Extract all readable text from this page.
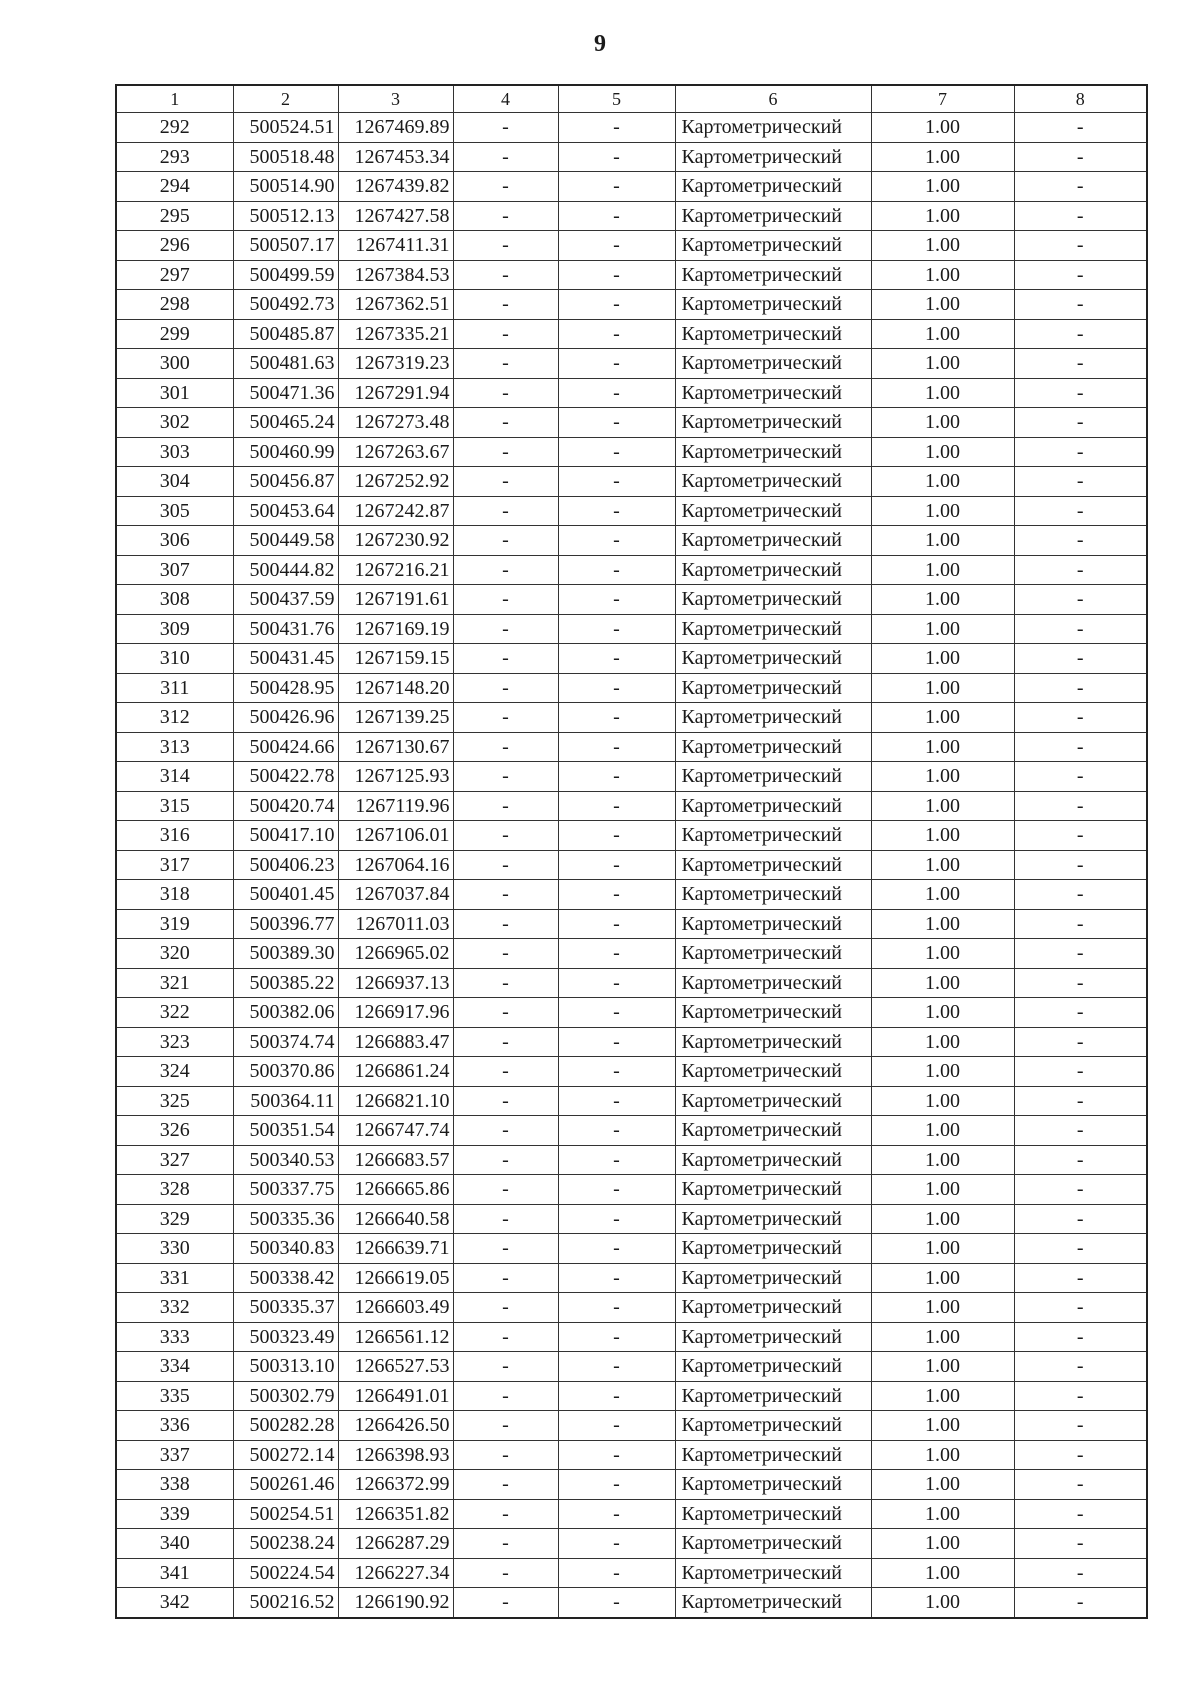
9
1	2	3	4	5	6	7	8
292	500524.51	1267469.89	-	-	Картометрический	1.00	-
293	500518.48	1267453.34	-	-	Картометрический	1.00	-
294	500514.90	1267439.82	-	-	Картометрический	1.00	-
295	500512.13	1267427.58	-	-	Картометрический	1.00	-
296	500507.17	1267411.31	-	-	Картометрический	1.00	-
297	500499.59	1267384.53	-	-	Картометрический	1.00	-
298	500492.73	1267362.51	-	-	Картометрический	1.00	-
299	500485.87	1267335.21	-	-	Картометрический	1.00	-
300	500481.63	1267319.23	-	-	Картометрический	1.00	-
301	500471.36	1267291.94	-	-	Картометрический	1.00	-
302	500465.24	1267273.48	-	-	Картометрический	1.00	-
303	500460.99	1267263.67	-	-	Картометрический	1.00	-
304	500456.87	1267252.92	-	-	Картометрический	1.00	-
305	500453.64	1267242.87	-	-	Картометрический	1.00	-
306	500449.58	1267230.92	-	-	Картометрический	1.00	-
307	500444.82	1267216.21	-	-	Картометрический	1.00	-
308	500437.59	1267191.61	-	-	Картометрический	1.00	-
309	500431.76	1267169.19	-	-	Картометрический	1.00	-
310	500431.45	1267159.15	-	-	Картометрический	1.00	-
311	500428.95	1267148.20	-	-	Картометрический	1.00	-
312	500426.96	1267139.25	-	-	Картометрический	1.00	-
313	500424.66	1267130.67	-	-	Картометрический	1.00	-
314	500422.78	1267125.93	-	-	Картометрический	1.00	-
315	500420.74	1267119.96	-	-	Картометрический	1.00	-
316	500417.10	1267106.01	-	-	Картометрический	1.00	-
317	500406.23	1267064.16	-	-	Картометрический	1.00	-
318	500401.45	1267037.84	-	-	Картометрический	1.00	-
319	500396.77	1267011.03	-	-	Картометрический	1.00	-
320	500389.30	1266965.02	-	-	Картометрический	1.00	-
321	500385.22	1266937.13	-	-	Картометрический	1.00	-
322	500382.06	1266917.96	-	-	Картометрический	1.00	-
323	500374.74	1266883.47	-	-	Картометрический	1.00	-
324	500370.86	1266861.24	-	-	Картометрический	1.00	-
325	500364.11	1266821.10	-	-	Картометрический	1.00	-
326	500351.54	1266747.74	-	-	Картометрический	1.00	-
327	500340.53	1266683.57	-	-	Картометрический	1.00	-
328	500337.75	1266665.86	-	-	Картометрический	1.00	-
329	500335.36	1266640.58	-	-	Картометрический	1.00	-
330	500340.83	1266639.71	-	-	Картометрический	1.00	-
331	500338.42	1266619.05	-	-	Картометрический	1.00	-
332	500335.37	1266603.49	-	-	Картометрический	1.00	-
333	500323.49	1266561.12	-	-	Картометрический	1.00	-
334	500313.10	1266527.53	-	-	Картометрический	1.00	-
335	500302.79	1266491.01	-	-	Картометрический	1.00	-
336	500282.28	1266426.50	-	-	Картометрический	1.00	-
337	500272.14	1266398.93	-	-	Картометрический	1.00	-
338	500261.46	1266372.99	-	-	Картометрический	1.00	-
339	500254.51	1266351.82	-	-	Картометрический	1.00	-
340	500238.24	1266287.29	-	-	Картометрический	1.00	-
341	500224.54	1266227.34	-	-	Картометрический	1.00	-
342	500216.52	1266190.92	-	-	Картометрический	1.00	-
